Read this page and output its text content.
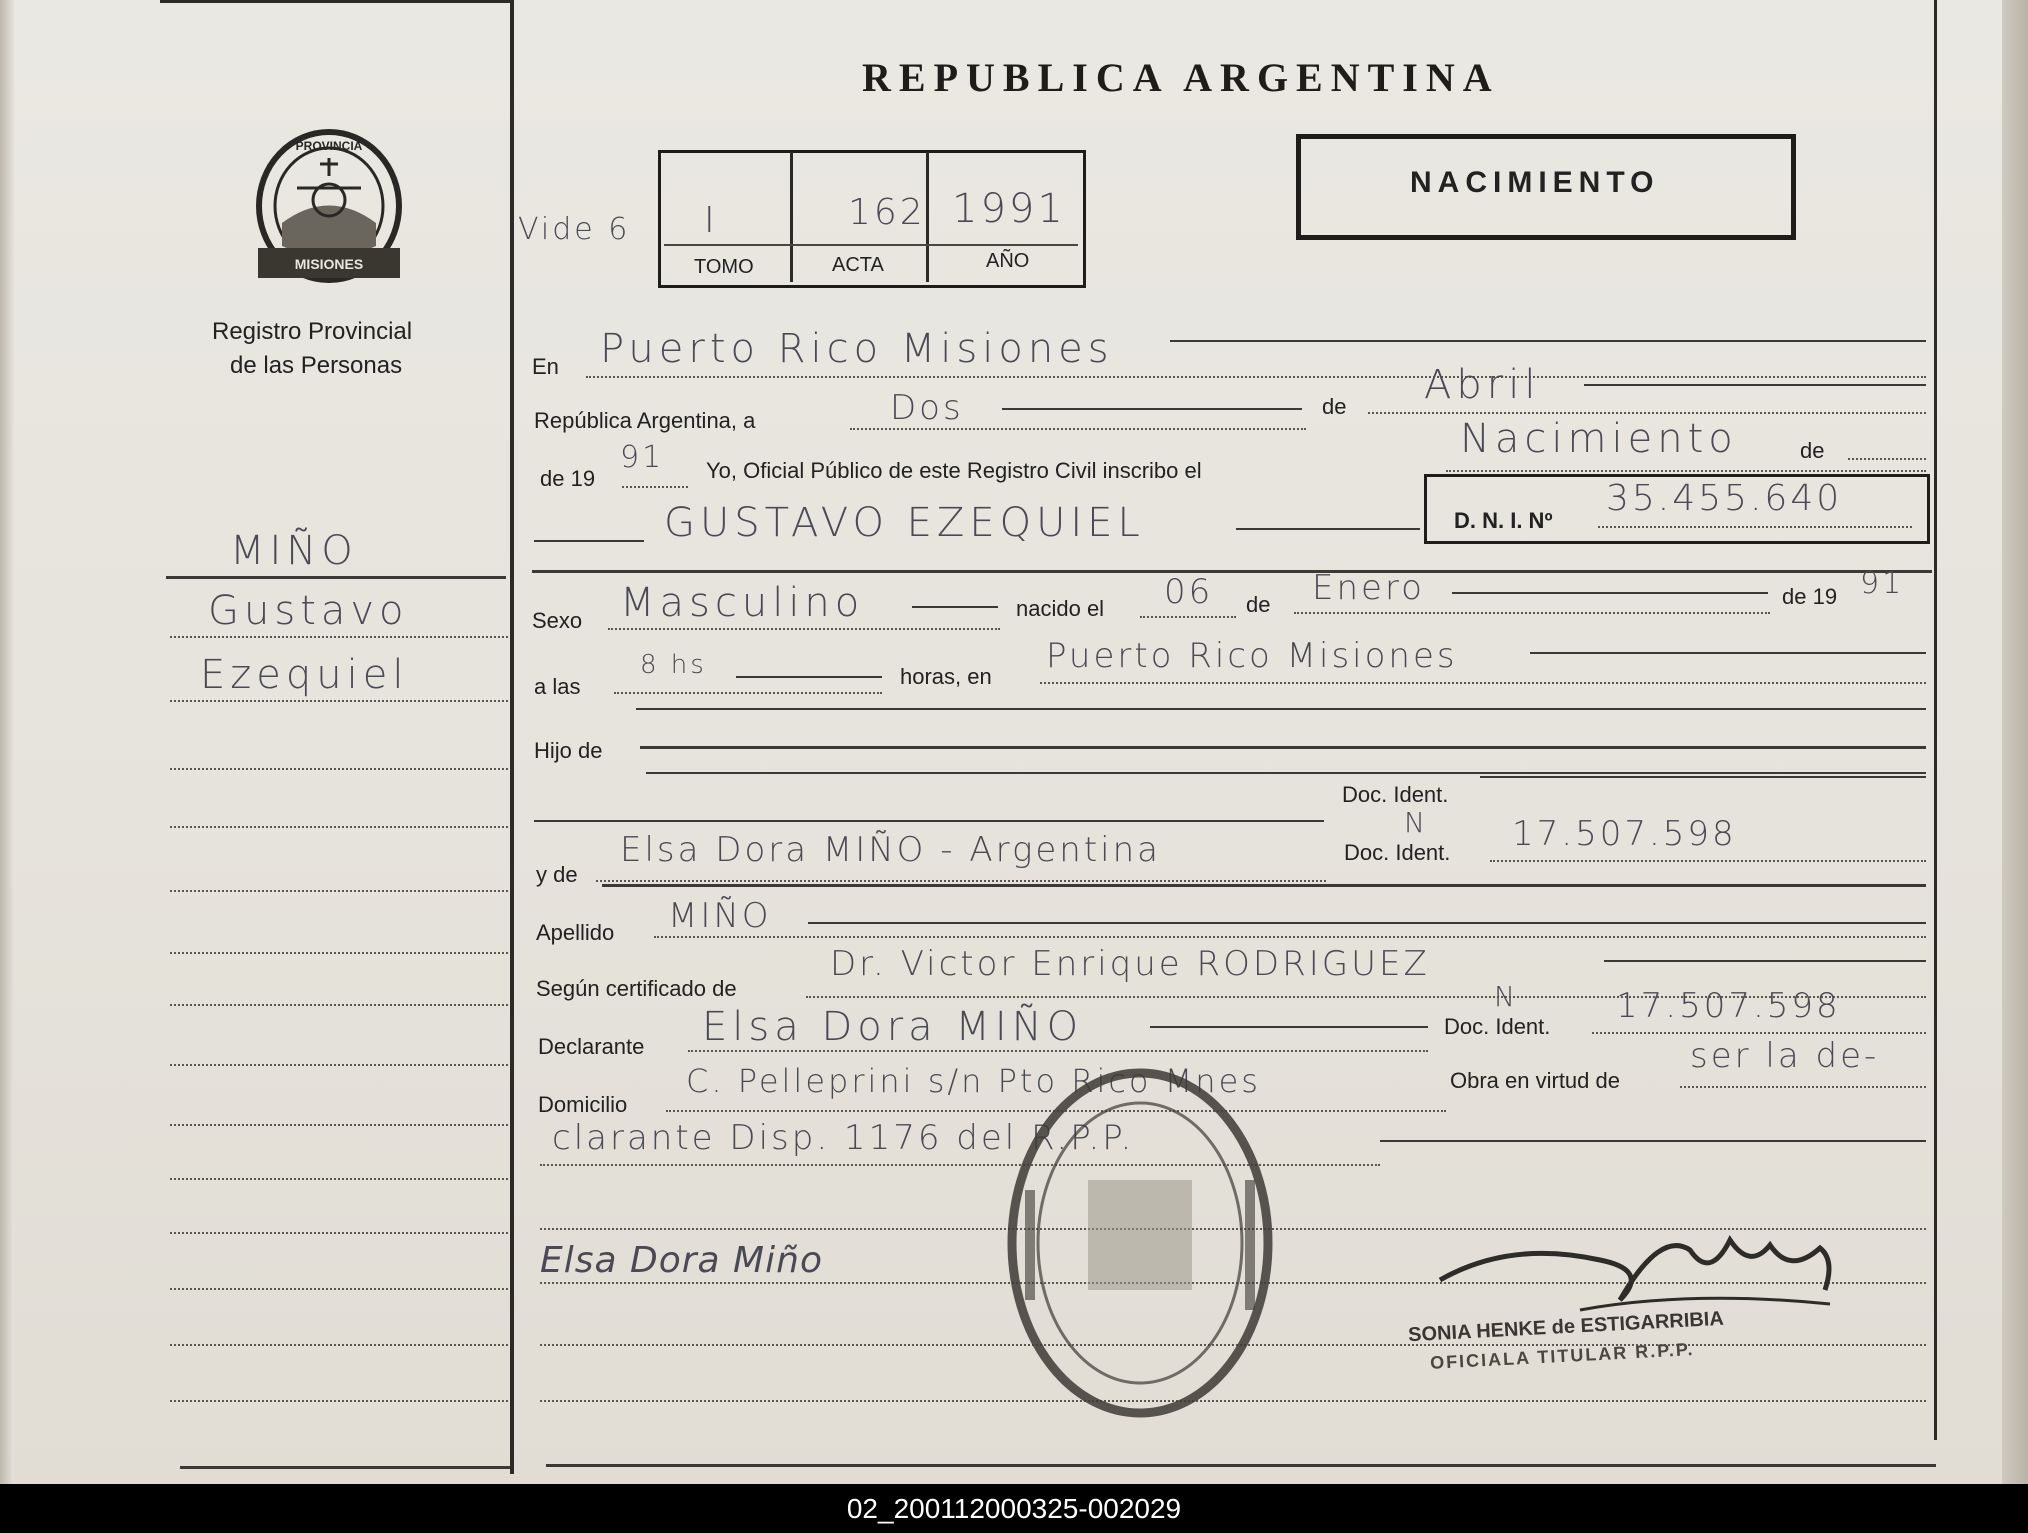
MISIONES
PROVINCIA
Registro Provincial
de las Personas
MIÑO
Gustavo
Ezequiel
REPUBLICA ARGENTINA
NACIMIENTO
Vide 6 I	162 1991
TOMO	ACTA	AÑO
En Puerto Rico Misiones
República Argentina, a	Dos	de Abril
de 19
91 Yo, Oficial Público de este Registro Civil inscribo el
Nacimiento	de
GUSTAVO EZEQUIEL	D. N. I. Nº
35.455.640
Sexo Masculino	nacido el 06 de Enero	de 19 91
a las
8 hs	horas, en
Puerto Rico Misiones
Hijo de
Doc. Ident.
y de
Elsa Dora MIÑO - Argentina	Doc. Ident.
N 17.507.598
Apellido MIÑO
Según certificado de
Dr. Victor Enrique RODRIGUEZ
Declarante Elsa Dora MIÑO	Doc. Ident.
N	17.507.598
Domicilio
C. Pelleprini s/n Pto Rico Mnes	Obra en virtud de
ser la de-
clarante Disp. 1176 del R.P.P.
Elsa Dora Miño
SONIA HENKE de ESTIGARRIBIA
OFICIALA TITULAR R.P.P.
02_200112000325-002029
